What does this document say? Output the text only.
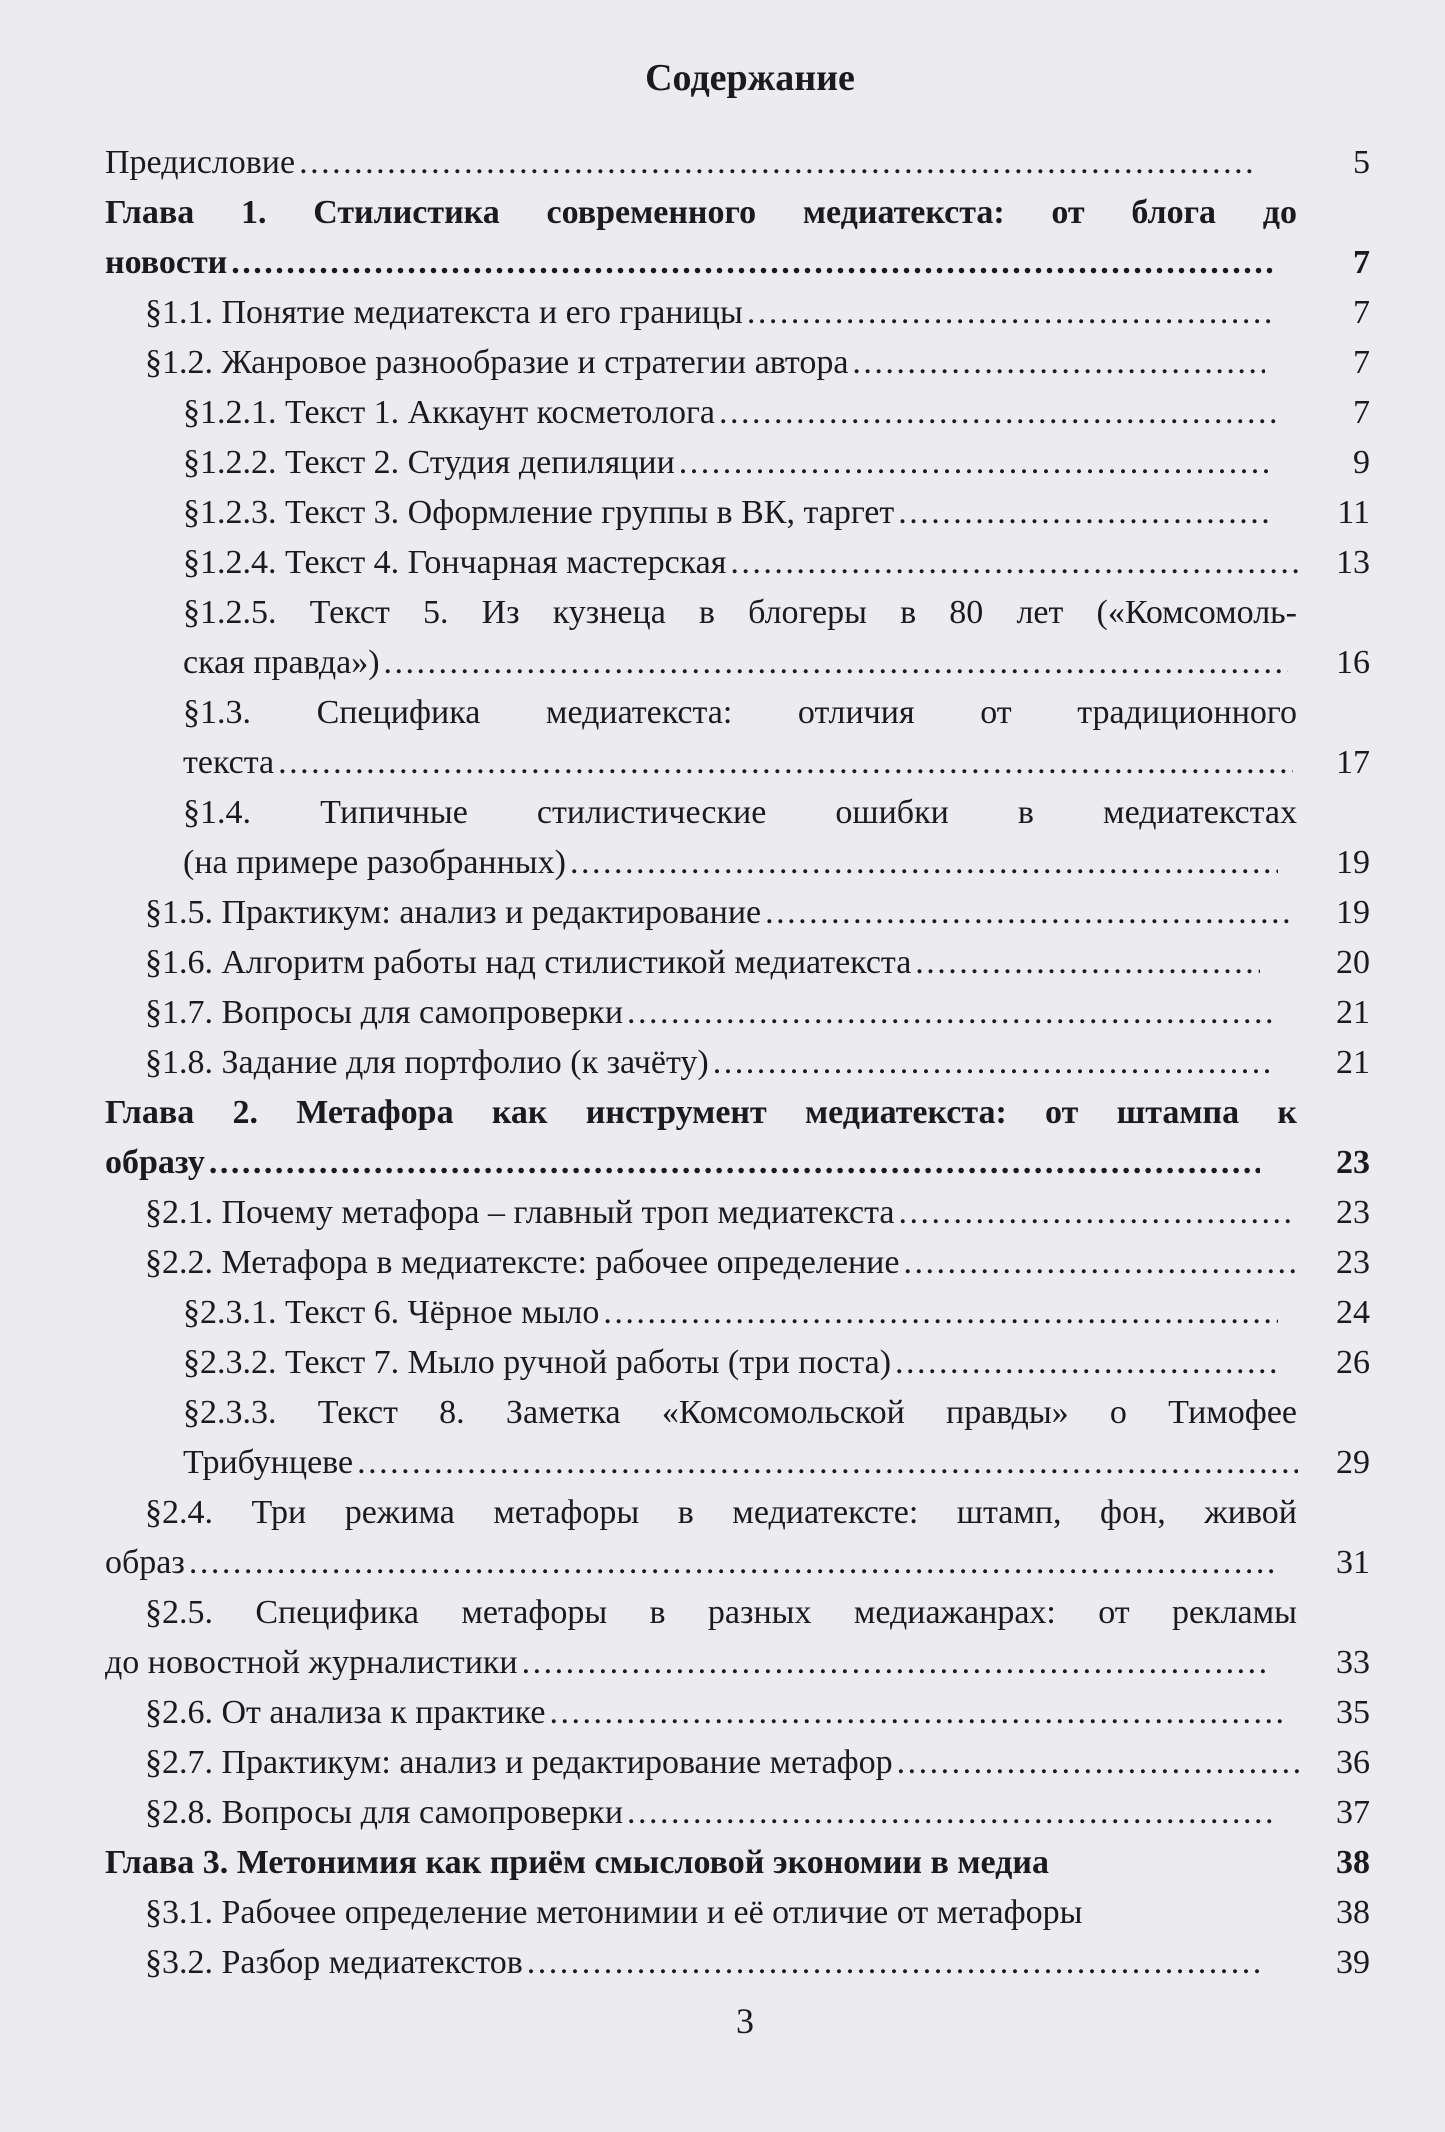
Содержание
Предисловие . . .	5
Глава 1. Стилистика современного медиатекста: от блога до
новости . . .	7
§1.1. Понятие медиатекста и его границы . . .	7
§1.2. Жанровое разнообразие и стратегии автора . . .	7
§1.2.1. Текст 1. Аккаунт косметолога . . .	7
§1.2.2. Текст 2. Студия депиляции . . .	9
§1.2.3. Текст 3. Оформление группы в ВК, таргет . . .	11
§1.2.4. Текст 4. Гончарная мастерская . . .	13
§1.2.5. Текст 5. Из кузнеца в блогеры в 80 лет («Комсомоль-
ская правда») . . .	16
§1.3. Специфика медиатекста: отличия от традиционного
текста . . .	17
§1.4. Типичные стилистические ошибки в медиатекстах
(на примере разобранных) . . .	19
§1.5. Практикум: анализ и редактирование . . .	19
§1.6. Алгоритм работы над стилистикой медиатекста . . .	20
§1.7. Вопросы для самопроверки . . .	21
§1.8. Задание для портфолио (к зачёту) . . .	21
Глава 2. Метафора как инструмент медиатекста: от штампа к
образу . . .	23
§2.1. Почему метафора – главный троп медиатекста . . .	23
§2.2. Метафора в медиатексте: рабочее определение . . .	23
§2.3.1. Текст 6. Чёрное мыло . . .	24
§2.3.2. Текст 7. Мыло ручной работы (три поста) . . .	26
§2.3.3. Текст 8. Заметка «Комсомольской правды» о Тимофее
Трибунцеве . . .	29
§2.4. Три режима метафоры в медиатексте: штамп, фон, живой
образ . . .	31
§2.5. Специфика метафоры в разных медиажанрах: от рекламы
до новостной журналистики . . .	33
§2.6. От анализа к практике . . .	35
§2.7. Практикум: анализ и редактирование метафор . . .	36
§2.8. Вопросы для самопроверки . . .	37
Глава 3. Метонимия как приём смысловой экономии в медиа	38
§3.1. Рабочее определение метонимии и её отличие от метафоры	38
§3.2. Разбор медиатекстов . . .	39
3
